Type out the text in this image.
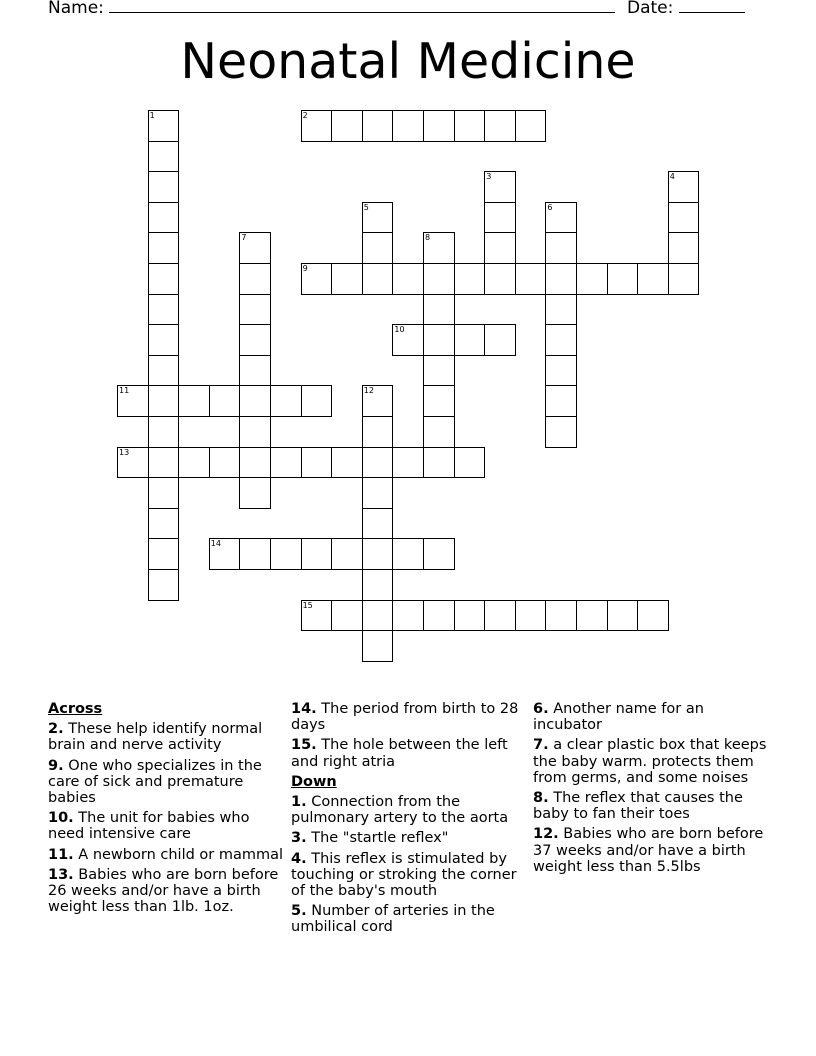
Name:	Date:
Neonatal Medicine
1	2
3	4
5	6
7	8
9
10
11	12
13
14
15
Across
2. These help identify normal brain and nerve activity
9. One who specializes in the care of sick and premature babies
10. The unit for babies who need intensive care
11. A newborn child or mammal
13. Babies who are born before 26 weeks and/or have a birth weight less than 1lb. 1oz.
14. The period from birth to 28 days
15. The hole between the left and right atria
Down
1. Connection from the pulmonary artery to the aorta
3. The "startle reflex"
4. This reflex is stimulated by touching or stroking the corner of the baby's mouth
5. Number of arteries in the umbilical cord
6. Another name for an incubator
7. a clear plastic box that keeps the baby warm. protects them from germs, and some noises
8. The reflex that causes the baby to fan their toes
12. Babies who are born before 37 weeks and/or have a birth weight less than 5.5lbs
